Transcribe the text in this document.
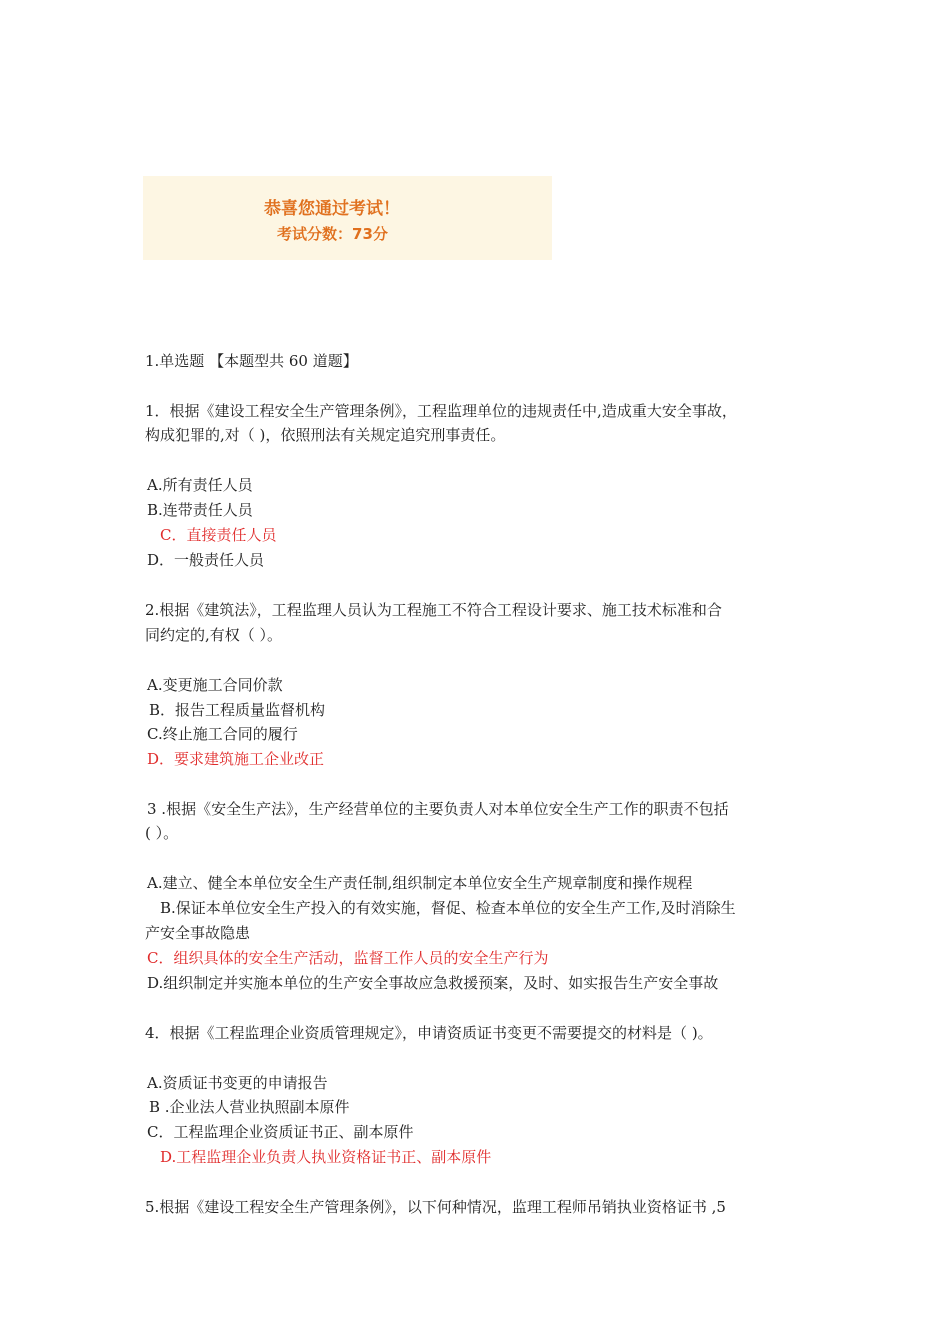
恭喜您通过考试！
考试分数：73分
1.单选题 【本题型共 60 道题】
1．根据《建设工程安全生产管理条例》，工程监理单位的违规责任中,造成重大安全事故，
构成犯罪的,对（ )，依照刑法有关规定追究刑事责任。
A.所有责任人员
B.连带责任人员
C．直接责任人员
D．一般责任人员
2.根据《建筑法》，工程监理人员认为工程施工不符合工程设计要求、施工技术标准和合
同约定的,有权（ ）。
A.变更施工合同价款
B．报告工程质量监督机构
C.终止施工合同的履行
D．要求建筑施工企业改正
3 .根据《安全生产法》，生产经营单位的主要负责人对本单位安全生产工作的职责不包括
( ）。
A.建立、健全本单位安全生产责任制,组织制定本单位安全生产规章制度和操作规程
B.保证本单位安全生产投入的有效实施，督促、检查本单位的安全生产工作,及时消除生
产安全事故隐患
C．组织具体的安全生产活动，监督工作人员的安全生产行为
D.组织制定并实施本单位的生产安全事故应急救援预案，及时、如实报告生产安全事故
4．根据《工程监理企业资质管理规定》，申请资质证书变更不需要提交的材料是（ )。
A.资质证书变更的申请报告
B .企业法人营业执照副本原件
C．工程监理企业资质证书正、副本原件
D.工程监理企业负责人执业资格证书正、副本原件
5.根据《建设工程安全生产管理条例》，以下何种情况，监理工程师吊销执业资格证书 ,5
